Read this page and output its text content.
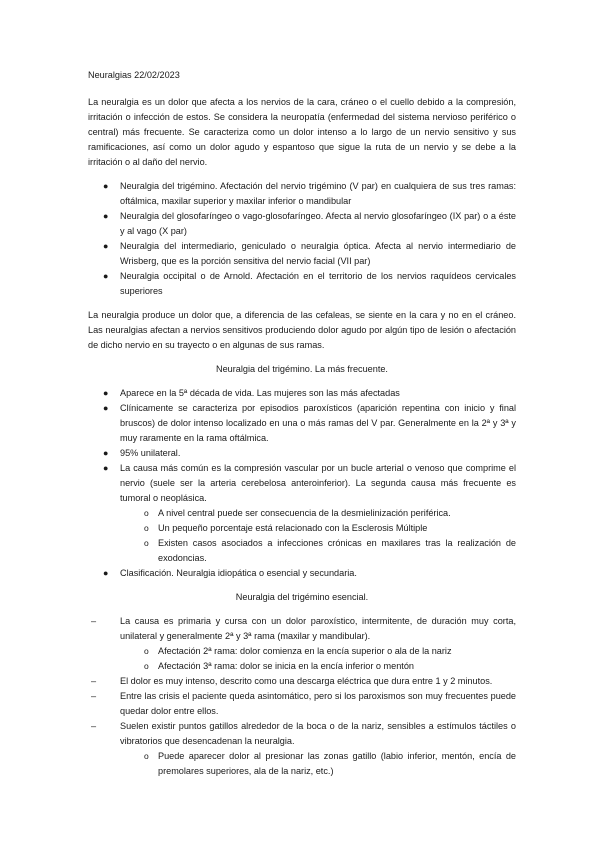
Neuralgias 22/02/2023

La neuralgia es un dolor que afecta a los nervios de la cara, cráneo o el cuello debido a la compresión, irritación o infección de estos. Se considera la neuropatía (enfermedad del sistema nervioso periférico o central) más frecuente. Se caracteriza como un dolor intenso a lo largo de un nervio sensitivo y sus ramificaciones, así como un dolor agudo y espantoso que sigue la ruta de un nervio y se debe a la irritación o al daño del nervio.

● Neuralgia del trigémino. Afectación del nervio trigémino (V par) en cualquiera de sus tres ramas: oftálmica, maxilar superior y maxilar inferior o mandibular
● Neuralgia del glosofaríngeo o vago-glosofaríngeo. Afecta al nervio glosofaríngeo (IX par) o a éste y al vago (X par)
● Neuralgia del intermediario, geniculado o neuralgia óptica. Afecta al nervio intermediario de Wrisberg, que es la porción sensitiva del nervio facial (VII par)
● Neuralgia occipital o de Arnold. Afectación en el territorio de los nervios raquídeos cervicales superiores

La neuralgia produce un dolor que, a diferencia de las cefaleas, se siente en la cara y no en el cráneo. Las neuralgias afectan a nervios sensitivos produciendo dolor agudo por algún tipo de lesión o afectación de dicho nervio en su trayecto o en algunas de sus ramas.

Neuralgia del trigémino. La más frecuente.

● Aparece en la 5ª década de vida. Las mujeres son las más afectadas
● Clínicamente se caracteriza por episodios paroxísticos (aparición repentina con inicio y final bruscos) de dolor intenso localizado en una o más ramas del V par. Generalmente en la 2ª y 3ª y muy raramente en la rama oftálmica.
● 95% unilateral.
● La causa más común es la compresión vascular por un bucle arterial o venoso que comprime el nervio (suele ser la arteria cerebelosa anteroinferior). La segunda causa más frecuente es tumoral o neoplásica.
o A nivel central puede ser consecuencia de la desmielinización periférica.
o Un pequeño porcentaje está relacionado con la Esclerosis Múltiple
o Existen casos asociados a infecciones crónicas en maxilares tras la realización de exodoncias.
● Clasificación. Neuralgia idiopática o esencial y secundaria.

Neuralgia del trigémino esencial.

–	La causa es primaria y cursa con un dolor paroxístico, intermitente, de duración muy corta, unilateral y generalmente 2ª y 3ª rama (maxilar y mandibular).
o Afectación 2ª rama: dolor comienza en la encía superior o ala de la nariz
o Afectación 3ª rama: dolor se inicia en la encía inferior o mentón
–	El dolor es muy intenso, descrito como una descarga eléctrica que dura entre 1 y 2 minutos.
–	Entre las crisis el paciente queda asintomático, pero si los paroxismos son muy frecuentes puede quedar dolor entre ellos.
–	Suelen existir puntos gatillos alrededor de la boca o de la nariz, sensibles a estímulos táctiles o vibratorios que desencadenan la neuralgia.
o Puede aparecer dolor al presionar las zonas gatillo (labio inferior, mentón, encía de premolares superiores, ala de la nariz, etc.)
